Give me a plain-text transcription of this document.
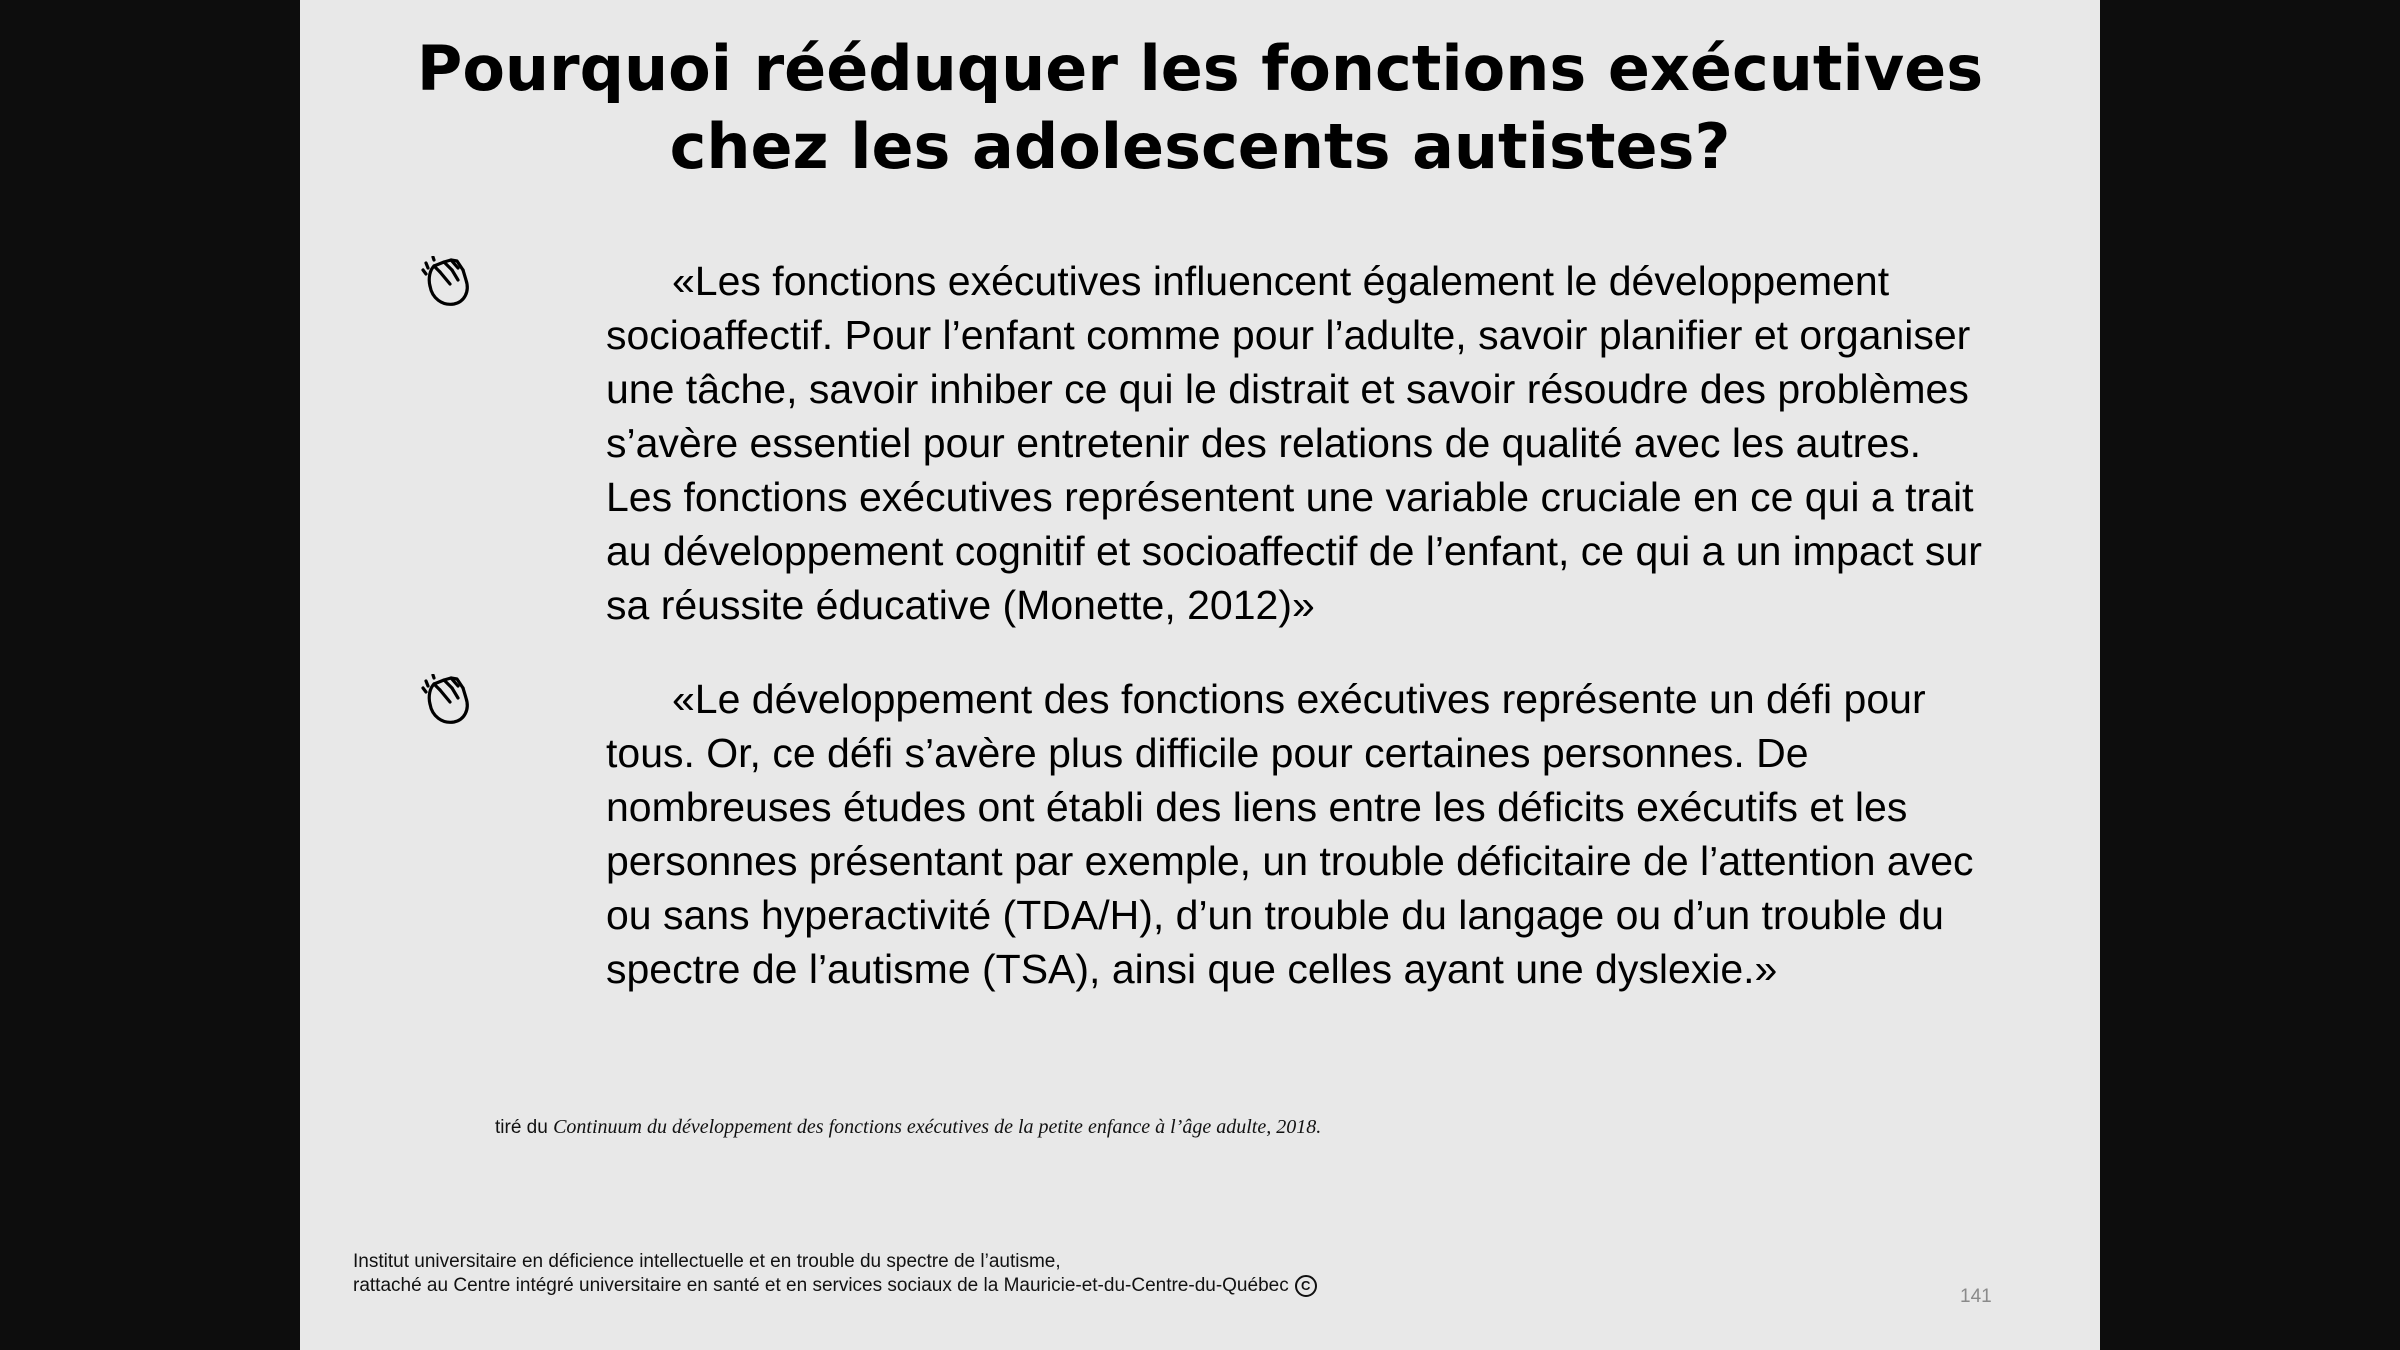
Pourquoi rééduquer les fonctions exécutives
chez les adolescents autistes?
«Les fonctions exécutives influencent également le développement
socioaffectif. Pour l’enfant comme pour l’adulte, savoir planifier et organiser
une tâche, savoir inhiber ce qui le distrait et savoir résoudre des problèmes
s’avère essentiel pour entretenir des relations de qualité avec les autres.
Les fonctions exécutives représentent une variable cruciale en ce qui a trait
au développement cognitif et socioaffectif de l’enfant, ce qui a un impact sur
sa réussite éducative (Monette, 2012)»
«Le développement des fonctions exécutives représente un défi pour
tous. Or, ce défi s’avère plus difficile pour certaines personnes. De
nombreuses études ont établi des liens entre les déficits exécutifs et les
personnes présentant par exemple, un trouble déficitaire de l’attention avec
ou sans hyperactivité (TDA/H), d’un trouble du langage ou d’un trouble du
spectre de l’autisme (TSA), ainsi que celles ayant une dyslexie.»
tiré du Continuum du développement des fonctions exécutives de la petite enfance à l’âge adulte, 2018.
Institut universitaire en déficience intellectuelle et en trouble du spectre de l’autisme,
rattaché au Centre intégré universitaire en santé et en services sociaux de la Mauricie-et-du-Centre-du-Québec C
141
